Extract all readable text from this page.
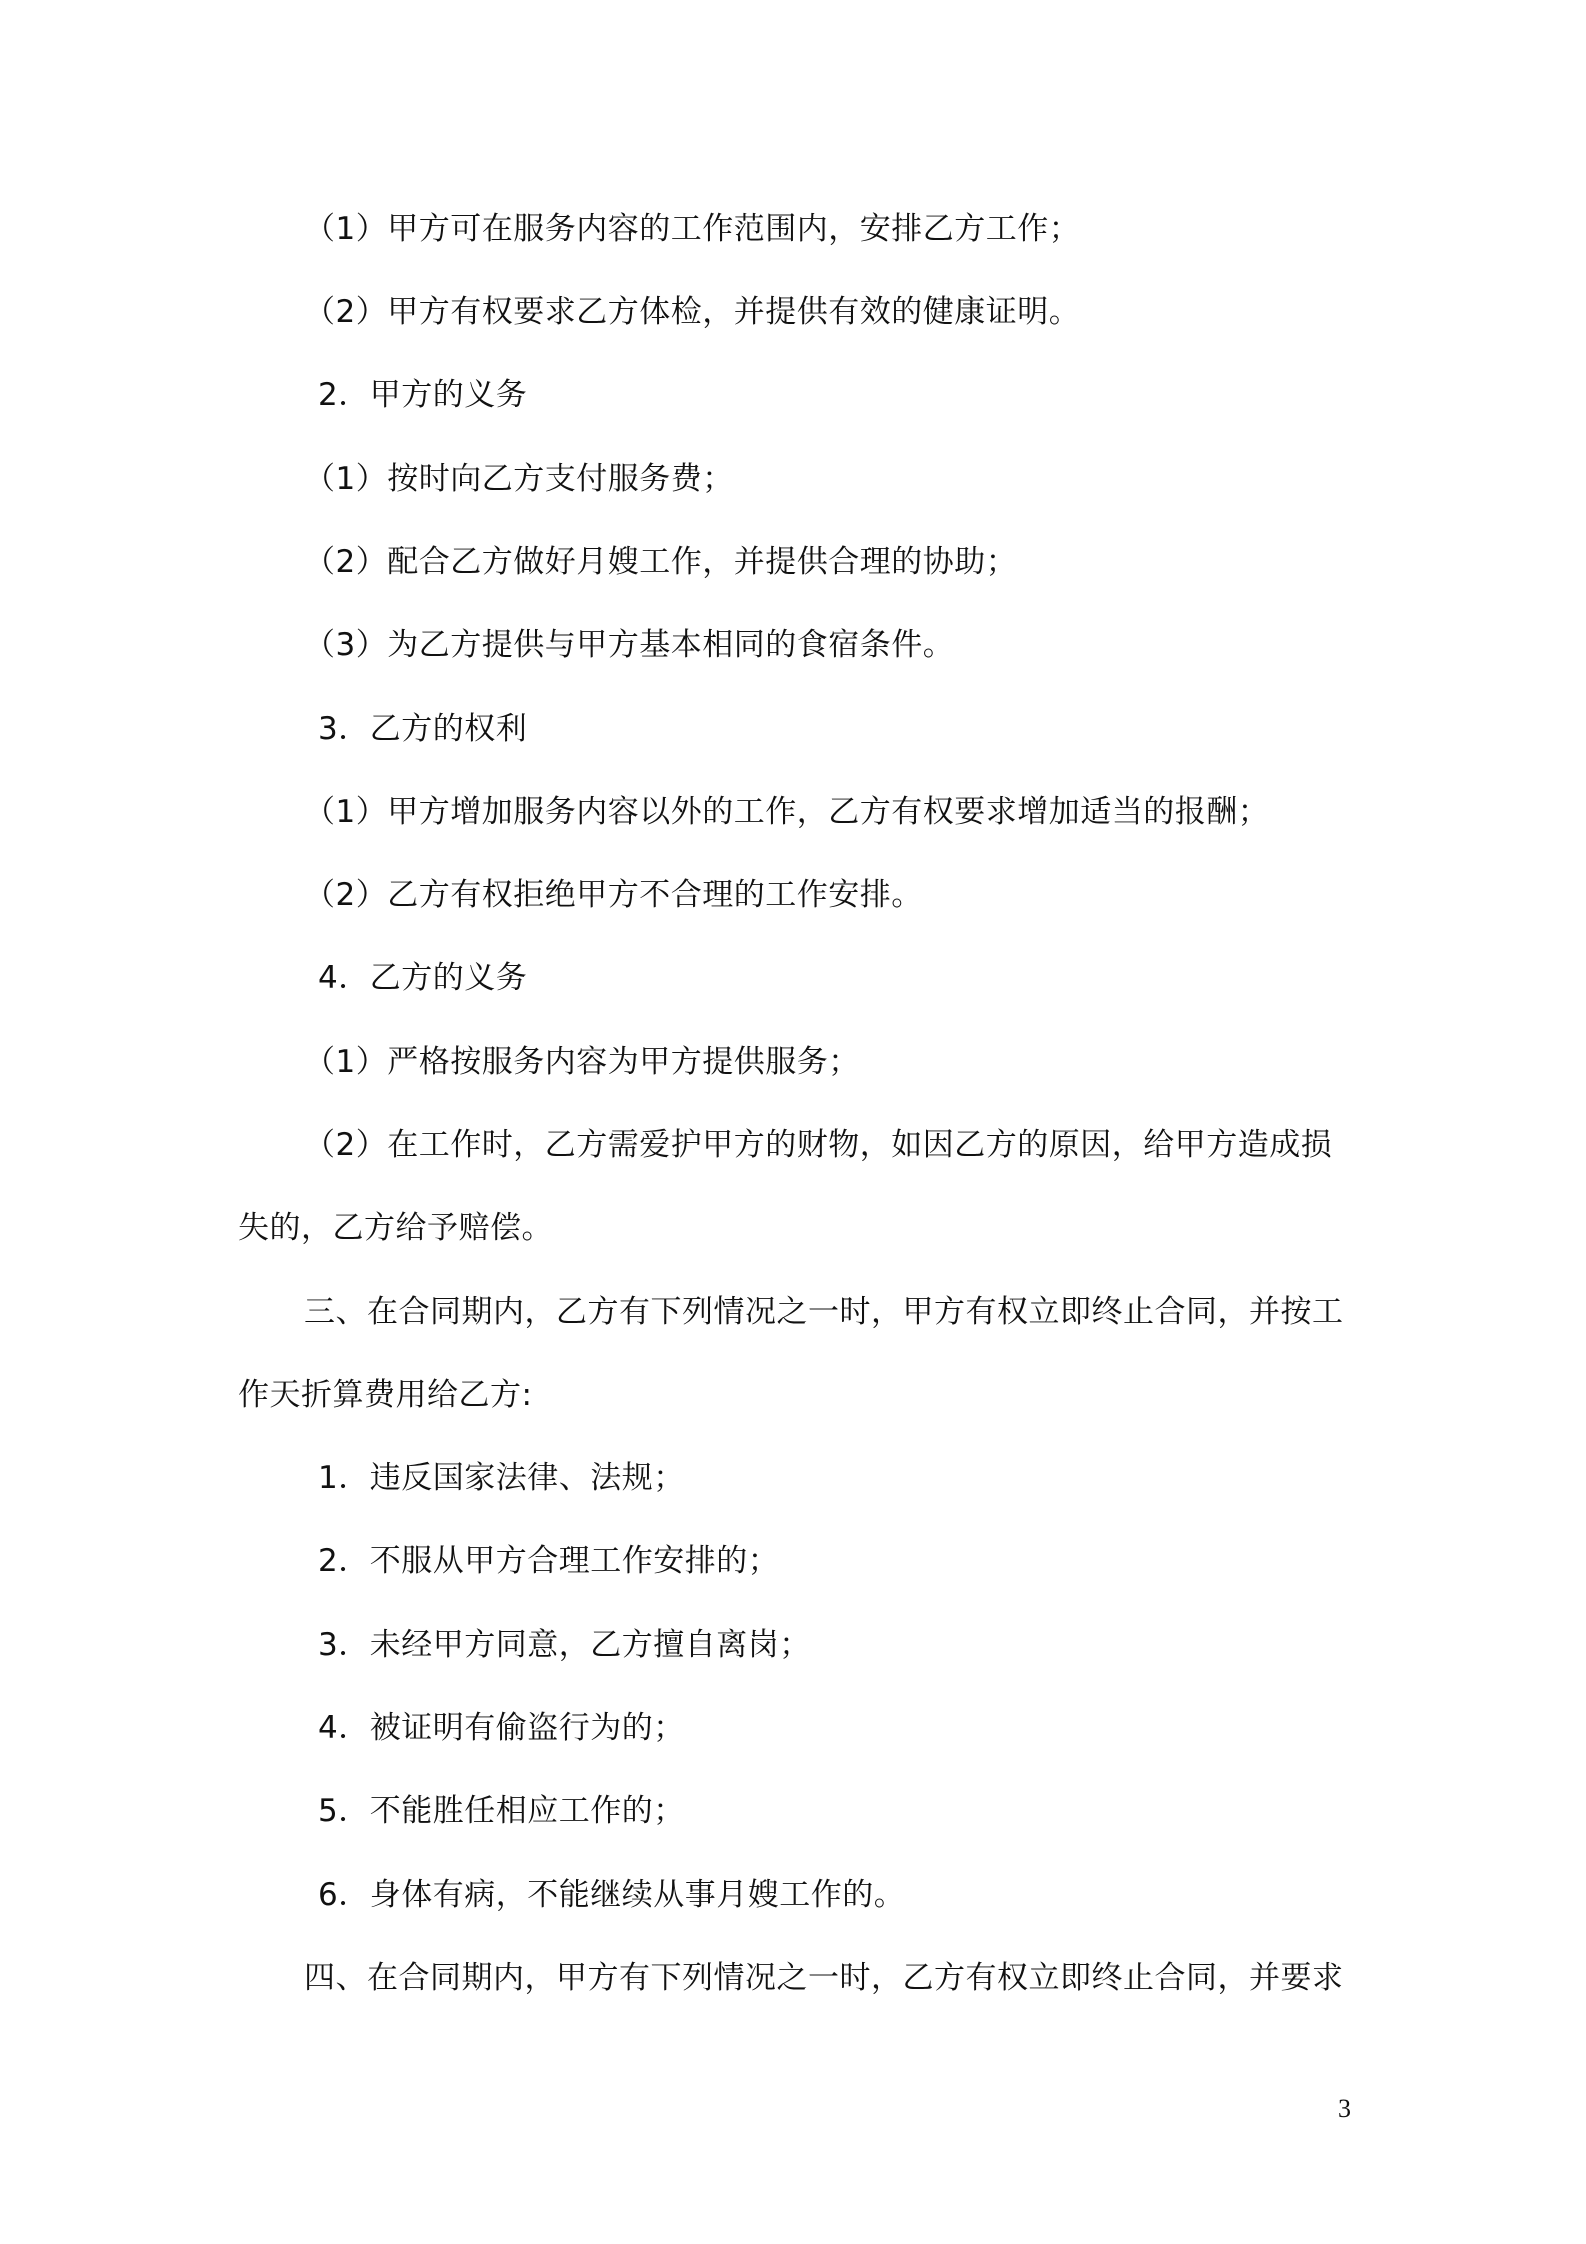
（1）甲方可在服务内容的工作范围内，安排乙方工作；

（2）甲方有权要求乙方体检，并提供有效的健康证明。

2．甲方的义务

（1）按时向乙方支付服务费；

（2）配合乙方做好月嫂工作，并提供合理的协助；

（3）为乙方提供与甲方基本相同的食宿条件。

3．乙方的权利

（1）甲方增加服务内容以外的工作，乙方有权要求增加适当的报酬；

（2）乙方有权拒绝甲方不合理的工作安排。

4．乙方的义务

（1）严格按服务内容为甲方提供服务；

（2）在工作时，乙方需爱护甲方的财物，如因乙方的原因，给甲方造成损

失的，乙方给予赔偿。

三、在合同期内，乙方有下列情况之一时，甲方有权立即终止合同，并按工

作天折算费用给乙方:

1．违反国家法律、法规；

2．不服从甲方合理工作安排的；

3．未经甲方同意，乙方擅自离岗；

4．被证明有偷盗行为的；

5．不能胜任相应工作的；

6．身体有病，不能继续从事月嫂工作的。

四、在合同期内，甲方有下列情况之一时，乙方有权立即终止合同，并要求

3
